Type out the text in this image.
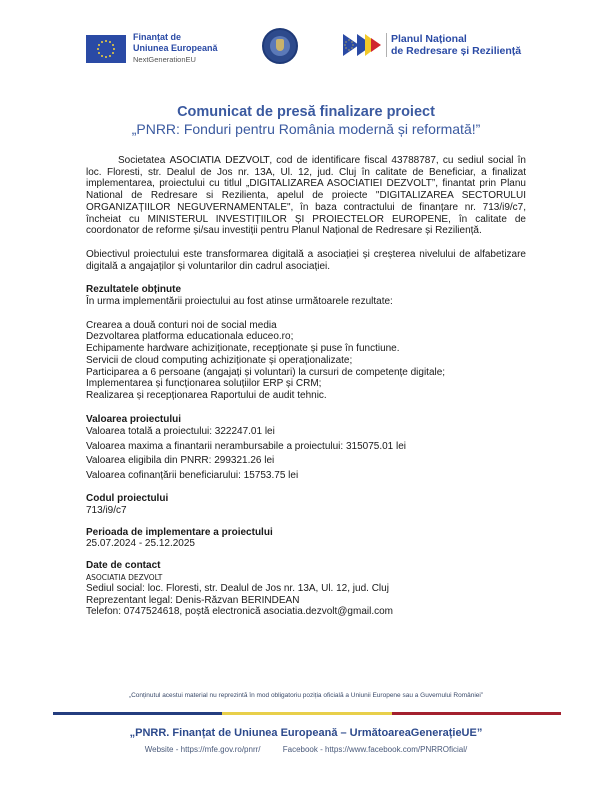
Finanțat de
Uniunea Europeană
NextGenerationEU
Planul Național
de Redresare și Reziliență
Comunicat de presă finalizare proiect
„PNRR: Fonduri pentru România modernă și reformată!”

Societatea ASOCIATIA DEZVOLT, cod de identificare fiscal 43788787, cu sediul social în loc. Floresti, str. Dealul de Jos nr. 13A, Ul. 12, jud. Cluj în calitate de Beneficiar, a finalizat implementarea, proiectului cu titlul „DIGITALIZAREA ASOCIATIEI DEZVOLT”, finantat prin Planu National de Redresare si Rezilienta, apelul de proiecte "DIGITALIZAREA SECTORULUI ORGANIZAȚIILOR NEGUVERNAMENTALE", în baza contractului de finanțare nr. 713/i9/c7, încheiat cu MINISTERUL INVESTIȚIILOR ȘI PROIECTELOR EUROPENE, în calitate de coordonator de reforme și/sau investiții pentru Planul Național de Redresare și Reziliență.

Obiectivul proiectului este transformarea digitală a asociației și creșterea nivelului de alfabetizare digitală a angajaților și voluntarilor din cadrul asociației.

Rezultatele obținute
În urma implementării proiectului au fost atinse următoarele rezultate:
Crearea a două conturi noi de social media
Dezvoltarea platforma educationala educeo.ro;
Echipamente hardware achiziționate, recepționate și puse în functiune.
Servicii de cloud computing achiziționate și operaționalizate;
Participarea a 6 persoane (angajați și voluntari) la cursuri de competențe digitale;
Implementarea și funcționarea soluțiilor ERP și CRM;
Realizarea și recepționarea Raportului de audit tehnic.
Valoarea proiectului
Valoarea totală a proiectului: 322247.01 lei
Valoarea maxima a finantarii nerambursabile a proiectului: 315075.01 lei
Valoarea eligibila din PNRR: 299321.26 lei
Valoarea cofinanțării beneficiarului: 15753.75 lei
Codul proiectului
713/i9/c7
Perioada de implementare a proiectului
25.07.2024 - 25.12.2025
Date de contact
ASOCIATIA DEZVOLT
Sediul social: loc. Floresti, str. Dealul de Jos nr. 13A, Ul. 12, jud. Cluj
Reprezentant legal: Denis-Răzvan BERINDEAN
Telefon: 0747524618, poștă electronică asociatia.dezvolt@gmail.com
„Conținutul acestui material nu reprezintă în mod obligatoriu poziția oficială a Uniunii Europene sau a Guvernului României”
„PNRR. Finanțat de Uniunea Europeană – UrmătoareaGenerațieUE”
Website - https://mfe.gov.ro/pnrr/	Facebook - https://www.facebook.com/PNRROficial/
